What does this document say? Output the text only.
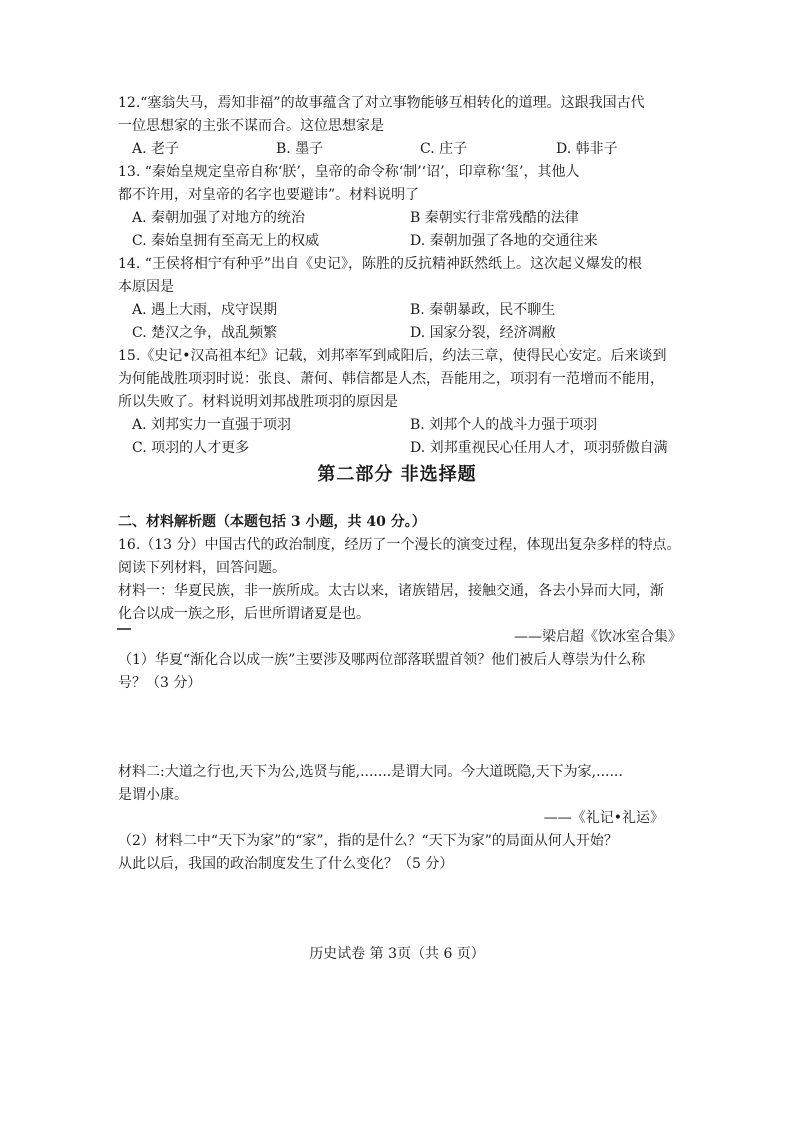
12.“塞翁失马，焉知非福”的故事蕴含了对立事物能够互相转化的道理。这跟我国古代
一位思想家的主张不谋而合。这位思想家是
A. 老子	B. 墨子	C. 庄子	D. 韩非子
13. “秦始皇规定皇帝自称‘朕’，皇帝的命令称‘制’‘诏’，印章称‘玺’，其他人
都不许用，对皇帝的名字也要避讳”。材料说明了
A. 秦朝加强了对地方的统治	B 秦朝实行非常残酷的法律
C. 秦始皇拥有至高无上的权威	D. 秦朝加强了各地的交通往来
14. “王侯将相宁有种乎”出自《史记》，陈胜的反抗精神跃然纸上。这次起义爆发的根
本原因是
A. 遇上大雨，戍守误期	B. 秦朝暴政，民不聊生
C. 楚汉之争，战乱频繁	D. 国家分裂，经济凋敝
15.《史记•汉高祖本纪》记载，刘邦率军到咸阳后，约法三章，使得民心安定。后来谈到
为何能战胜项羽时说：张良、萧何、韩信都是人杰，吾能用之，项羽有一范增而不能用，
所以失败了。材料说明刘邦战胜项羽的原因是
A. 刘邦实力一直强于项羽	B. 刘邦个人的战斗力强于项羽
C. 项羽的人才更多	D. 刘邦重视民心任用人才，项羽骄傲自满
第二部分 非选择题
二、材料解析题（本题包括 3 小题，共 40 分。）
16.（13 分）中国古代的政治制度，经历了一个漫长的演变过程，体现出复杂多样的特点。
阅读下列材料，回答问题。
材料一：华夏民族，非一族所成。太古以来，诸族错居，接触交通，各去小异而大同，渐
化合以成一族之形，后世所谓诸夏是也。
——梁启超《饮冰室合集》
（1）华夏“渐化合以成一族”主要涉及哪两位部落联盟首领？他们被后人尊崇为什么称
号？（3 分）
材料二:大道之行也,天下为公,选贤与能,.......是谓大同。今大道既隐,天下为家,......
是谓小康。
——《礼记•礼运》
（2）材料二中“天下为家”的“家”，指的是什么？“天下为家”的局面从何人开始？
从此以后，我国的政治制度发生了什么变化？（5 分）
历史试卷 第 3页（共 6 页）
